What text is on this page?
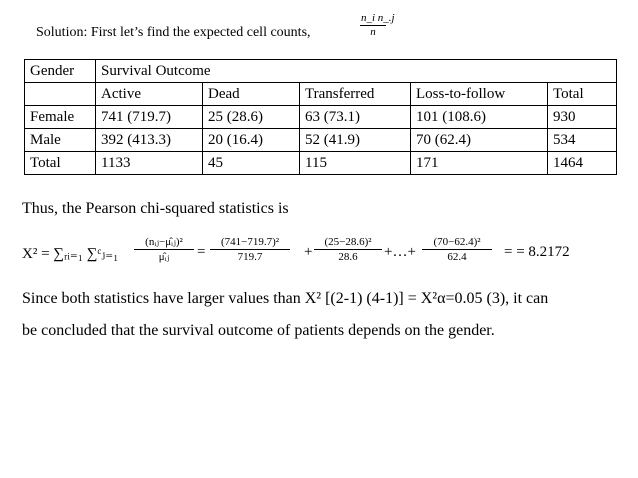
Solution: First let’s find the expected cell counts,	$\frac{\text{n\_i n\_.j}}{n}$
Gender	Survival Outcome				
	Active	Dead	Transferred	Loss-to-follow	Total
Female	741 (719.7)	25 (28.6)	63 (73.1)	101 (108.6)	930
Male	392 (413.3)	20 (16.4)	52 (41.9)	70 (62.4)	534
Total	1133	45	115	171	1464
Thus, the Pearson chi-squared statistics is
X² = ∑ᵣᵢ₌₁ ∑ᶜⱼ₌₁
(nᵢⱼ−μ̂ᵢⱼ)²
μ̂ᵢⱼ	= $\frac{\text{(741−719.7)²}}{719.7} + \frac{\text{(25−28.6)²}}{28.6}$ +…+ $\frac{\text{(70−62.4)²}}{62.4}$ = = 8.2172
Since both statistics have larger values than X² [(2-1) (4-1)] = X²α=0.05 (3), it can
be concluded that the survival outcome of patients depends on the gender.
